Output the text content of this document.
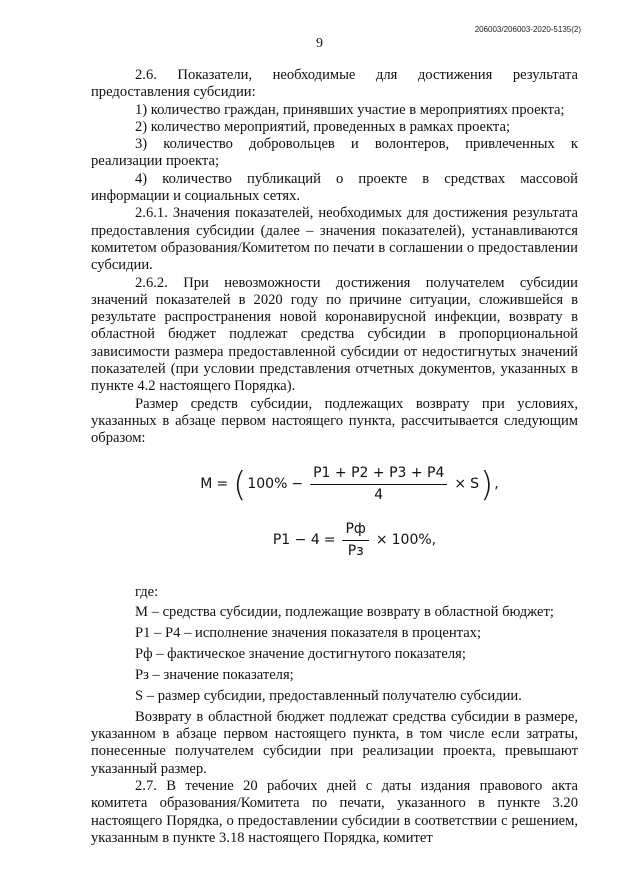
206003/206003-2020-5135(2)
9

2.6. Показатели, необходимые для достижения результата предоставления субсидии:

1) количество граждан, принявших участие в мероприятиях проекта;

2) количество мероприятий, проведенных в рамках проекта;

3) количество добровольцев и волонтеров, привлеченных к реализации проекта;

4) количество публикаций о проекте в средствах массовой информации и социальных сетях.

2.6.1. Значения показателей, необходимых для достижения результата предоставления субсидии (далее – значения показателей), устанавливаются комитетом образования/Комитетом по печати в соглашении о предоставлении субсидии.

2.6.2. При невозможности достижения получателем субсидии значений показателей в 2020 году по причине ситуации, сложившейся в результате распространения новой коронавирусной инфекции, возврату в областной бюджет подлежат средства субсидии в пропорциональной зависимости размера предоставленной субсидии от недостигнутых значений показателей (при условии представления отчетных документов, указанных в пункте 4.2 настоящего Порядка).

Размер средств субсидии, подлежащих возврату при условиях, указанных в абзаце первом настоящего пункта, рассчитывается следующим образом:

M = ( $100\% - \frac{P1 + P2 + P3 + P4}{4} \times S$ ) ,
$P1 - 4 = \frac{Pф}{Pз} \times 100\%$ ,

где:

М – средства субсидии, подлежащие возврату в областной бюджет;

Р1 – Р4 – исполнение значения показателя в процентах;

Рф – фактическое значение достигнутого показателя;

Рз – значение показателя;

S – размер субсидии, предоставленный получателю субсидии.

Возврату в областной бюджет подлежат средства субсидии в размере, указанном в абзаце первом настоящего пункта, в том числе если затраты, понесенные получателем субсидии при реализации проекта, превышают указанный размер.

2.7. В течение 20 рабочих дней с даты издания правового акта комитета образования/Комитета по печати, указанного в пункте 3.20 настоящего Порядка, о предоставлении субсидии в соответствии с решением, указанным в пункте 3.18 настоящего Порядка, комитет
